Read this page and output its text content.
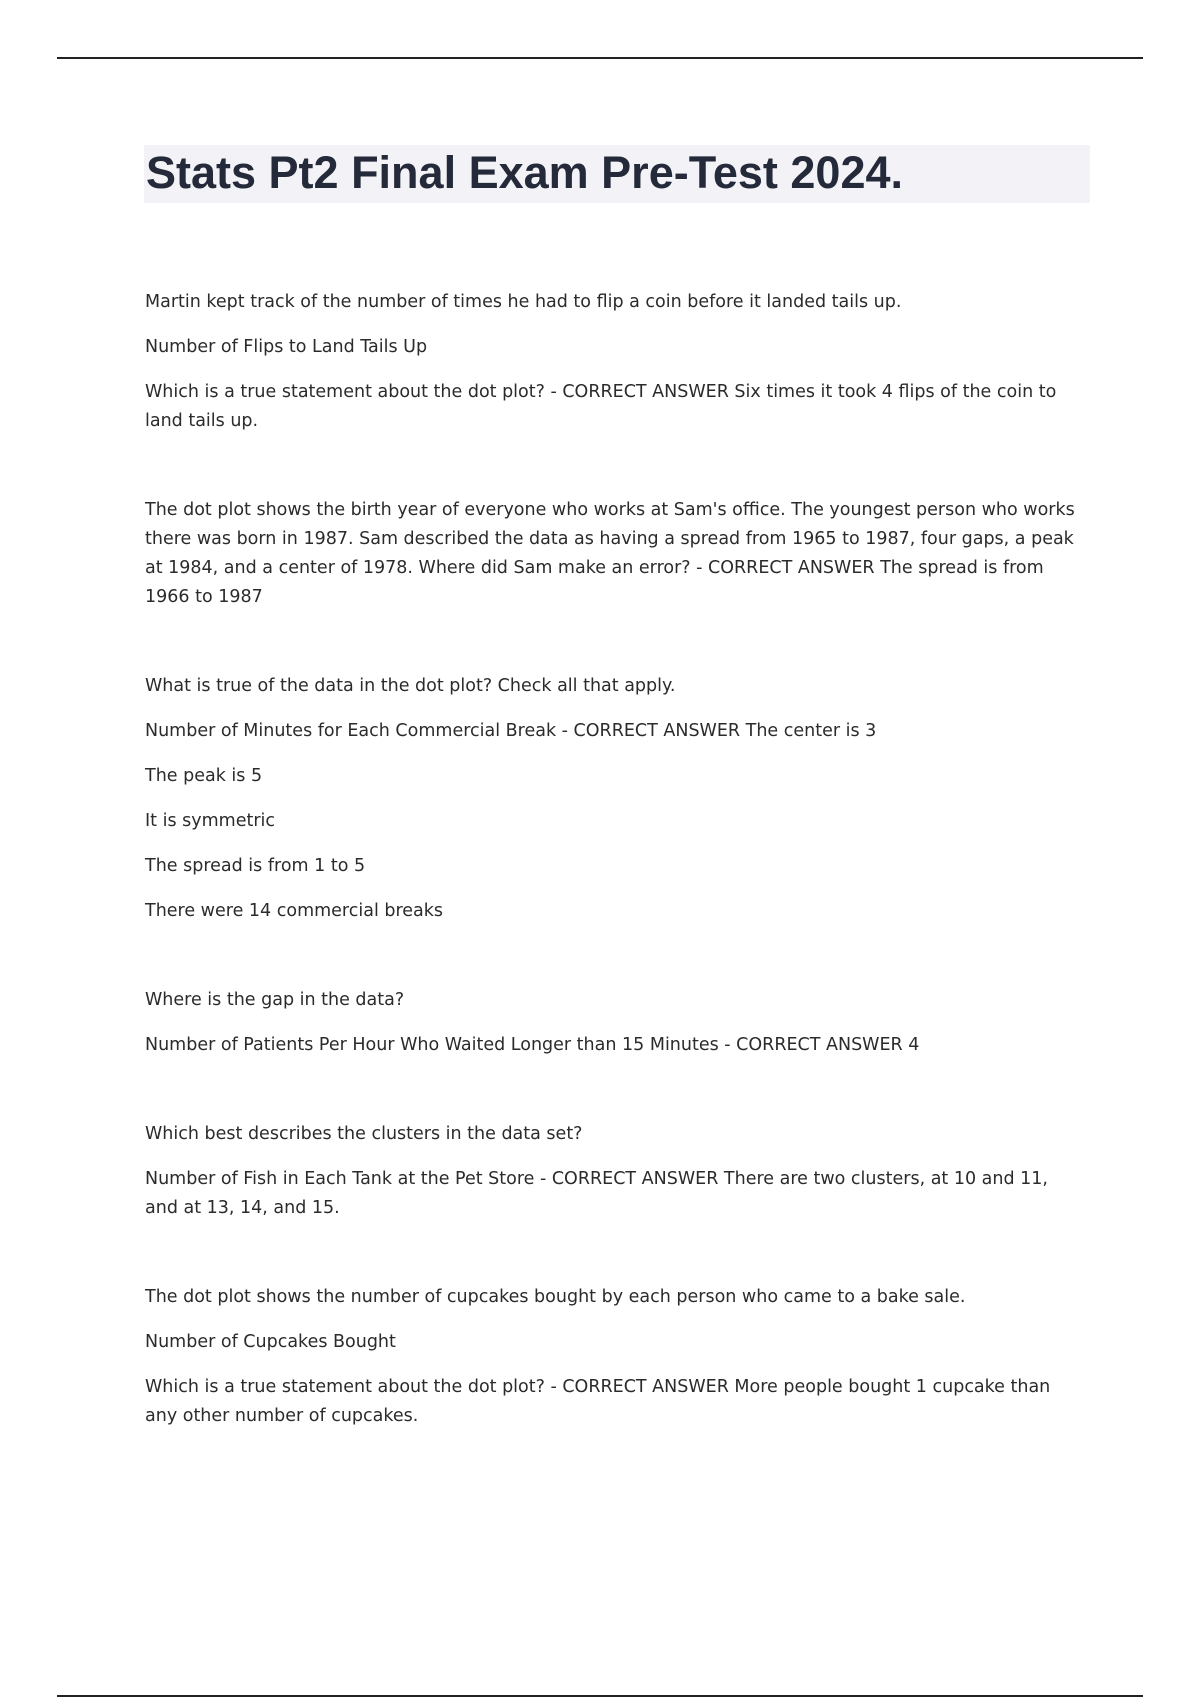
Stats Pt2 Final Exam Pre-Test 2024.

Martin kept track of the number of times he had to flip a coin before it landed tails up.

Number of Flips to Land Tails Up

Which is a true statement about the dot plot? - CORRECT ANSWER Six times it took 4 flips of the coin to land tails up.

The dot plot shows the birth year of everyone who works at Sam's office. The youngest person who works there was born in 1987. Sam described the data as having a spread from 1965 to 1987, four gaps, a peak at 1984, and a center of 1978. Where did Sam make an error? - CORRECT ANSWER The spread is from 1966 to 1987

What is true of the data in the dot plot? Check all that apply.

Number of Minutes for Each Commercial Break - CORRECT ANSWER The center is 3

The peak is 5

It is symmetric

The spread is from 1 to 5

There were 14 commercial breaks

Where is the gap in the data?

Number of Patients Per Hour Who Waited Longer than 15 Minutes - CORRECT ANSWER 4

Which best describes the clusters in the data set?

Number of Fish in Each Tank at the Pet Store - CORRECT ANSWER There are two clusters, at 10 and 11, and at 13, 14, and 15.

The dot plot shows the number of cupcakes bought by each person who came to a bake sale.

Number of Cupcakes Bought

Which is a true statement about the dot plot? - CORRECT ANSWER More people bought 1 cupcake than any other number of cupcakes.
